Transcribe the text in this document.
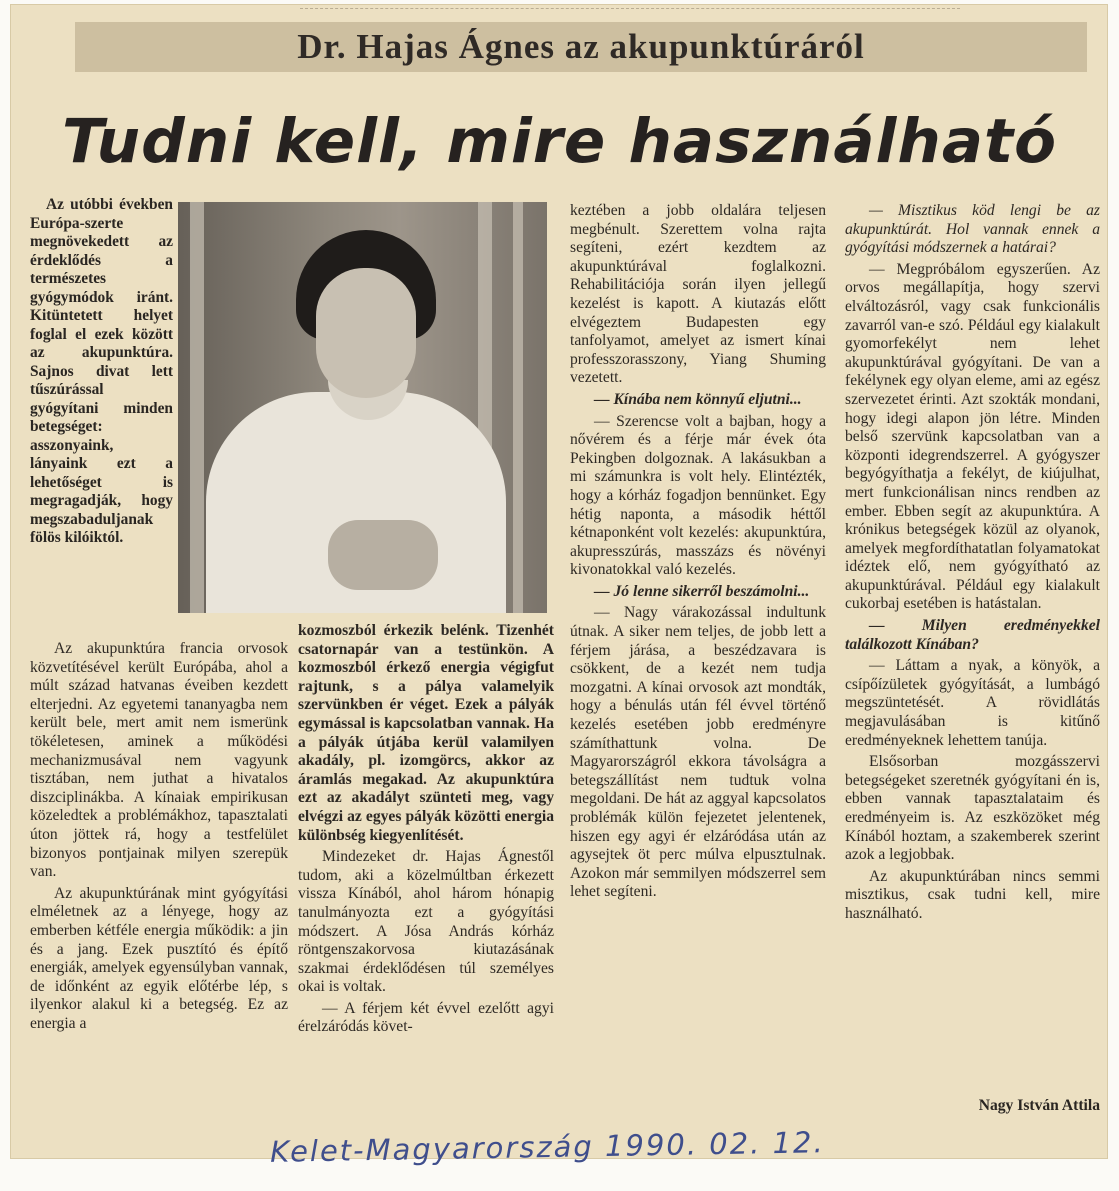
Dr. Hajas Ágnes az akupunktúráról
Tudni kell, mire használható

Az utóbbi években Európa-szerte megnövekedett az érdeklődés a természetes gyógymódok iránt. Kitüntetett helyet foglal el ezek között az akupunktúra. Sajnos divat lett tűszúrással gyógyítani minden betegséget: asszonyaink, lányaink ezt a lehetőséget is megragadják, hogy megszabaduljanak fölös kilóiktól.

Az akupunktúra francia orvosok közvetítésével került Európába, ahol a múlt század hatvanas éveiben kezdett elterjedni. Az egyetemi tananyagba nem került bele, mert amit nem ismerünk tökéletesen, aminek a működési mechanizmusával nem vagyunk tisztában, nem juthat a hivatalos diszciplinákba. A kínaiak empirikusan közeledtek a problémákhoz, tapasztalati úton jöttek rá, hogy a testfelület bizonyos pontjainak milyen szerepük van.

Az akupunktúrának mint gyógyítási elméletnek az a lényege, hogy az emberben kétféle energia működik: a jin és a jang. Ezek pusztító és építő energiák, amelyek egyensúlyban vannak, de időnként az egyik előtérbe lép, s ilyenkor alakul ki a betegség. Ez az energia a

kozmoszból érkezik belénk. Tizenhét csatornapár van a testünkön. A kozmoszból érkező energia végigfut rajtunk, s a pálya valamelyik szervünkben ér véget. Ezek a pályák egymással is kapcsolatban vannak. Ha a pályák útjába kerül valamilyen akadály, pl. izomgörcs, akkor az áramlás megakad. Az akupunktúra ezt az akadályt szünteti meg, vagy elvégzi az egyes pályák közötti energia különbség kiegyenlítését.

Mindezeket dr. Hajas Ágnestől tudom, aki a közelmúltban érkezett vissza Kínából, ahol három hónapig tanulmányozta ezt a gyógyítási módszert. A Jósa András kórház röntgenszakorvosa kiutazásának szakmai érdeklődésen túl személyes okai is voltak.

— A férjem két évvel ezelőtt agyi érelzáródás követ-

keztében a jobb oldalára teljesen megbénult. Szerettem volna rajta segíteni, ezért kezdtem az akupunktúrával foglalkozni. Rehabilitációja során ilyen jellegű kezelést is kapott. A kiutazás előtt elvégeztem Budapesten egy tanfolyamot, amelyet az ismert kínai professzorasszony, Yiang Shuming vezetett.

— Kínába nem könnyű eljutni...

— Szerencse volt a bajban, hogy a nővérem és a férje már évek óta Pekingben dolgoznak. A lakásukban a mi számunkra is volt hely. Elintézték, hogy a kórház fogadjon bennünket. Egy hétig naponta, a második héttől kétnaponként volt kezelés: akupunktúra, akupresszúrás, masszázs és növényi kivonatokkal való kezelés.

— Jó lenne sikerről beszámolni...

— Nagy várakozással indultunk útnak. A siker nem teljes, de jobb lett a férjem járása, a beszédzavara is csökkent, de a kezét nem tudja mozgatni. A kínai orvosok azt mondták, hogy a bénulás után fél évvel történő kezelés esetében jobb eredményre számíthattunk volna. De Magyarországról ekkora távolságra a betegszállítást nem tudtuk volna megoldani. De hát az aggyal kapcsolatos problémák külön fejezetet jelentenek, hiszen egy agyi ér elzáródása után az agysejtek öt perc múlva elpusztulnak. Azokon már semmilyen módszerrel sem lehet segíteni.

— Misztikus köd lengi be az akupunktúrát. Hol vannak ennek a gyógyítási módszernek a határai?

— Megpróbálom egyszerűen. Az orvos megállapítja, hogy szervi elváltozásról, vagy csak funkcionális zavarról van-e szó. Például egy kialakult gyomorfekélyt nem lehet akupunktúrával gyógyítani. De van a fekélynek egy olyan eleme, ami az egész szervezetet érinti. Azt szokták mondani, hogy idegi alapon jön létre. Minden belső szervünk kapcsolatban van a központi idegrendszerrel. A gyógyszer begyógyíthatja a fekélyt, de kiújulhat, mert funkcionálisan nincs rendben az ember. Ebben segít az akupunktúra. A krónikus betegségek közül az olyanok, amelyek megfordíthatatlan folyamatokat idéztek elő, nem gyógyítható az akupunktúrával. Például egy kialakult cukorbaj esetében is hatástalan.

— Milyen eredményekkel találkozott Kínában?

— Láttam a nyak, a könyök, a csípőízületek gyógyítását, a lumbágó megszüntetését. A rövidlátás megjavulásában is kitűnő eredményeknek lehettem tanúja.

Elsősorban mozgásszervi betegségeket szeretnék gyógyítani én is, ebben vannak tapasztalataim és eredményeim is. Az eszközöket még Kínából hoztam, a szakemberek szerint azok a legjobbak.

Az akupunktúrában nincs semmi misztikus, csak tudni kell, mire használható.

Nagy István Attila
Kelet-Magyarország 1990. 02. 12.
